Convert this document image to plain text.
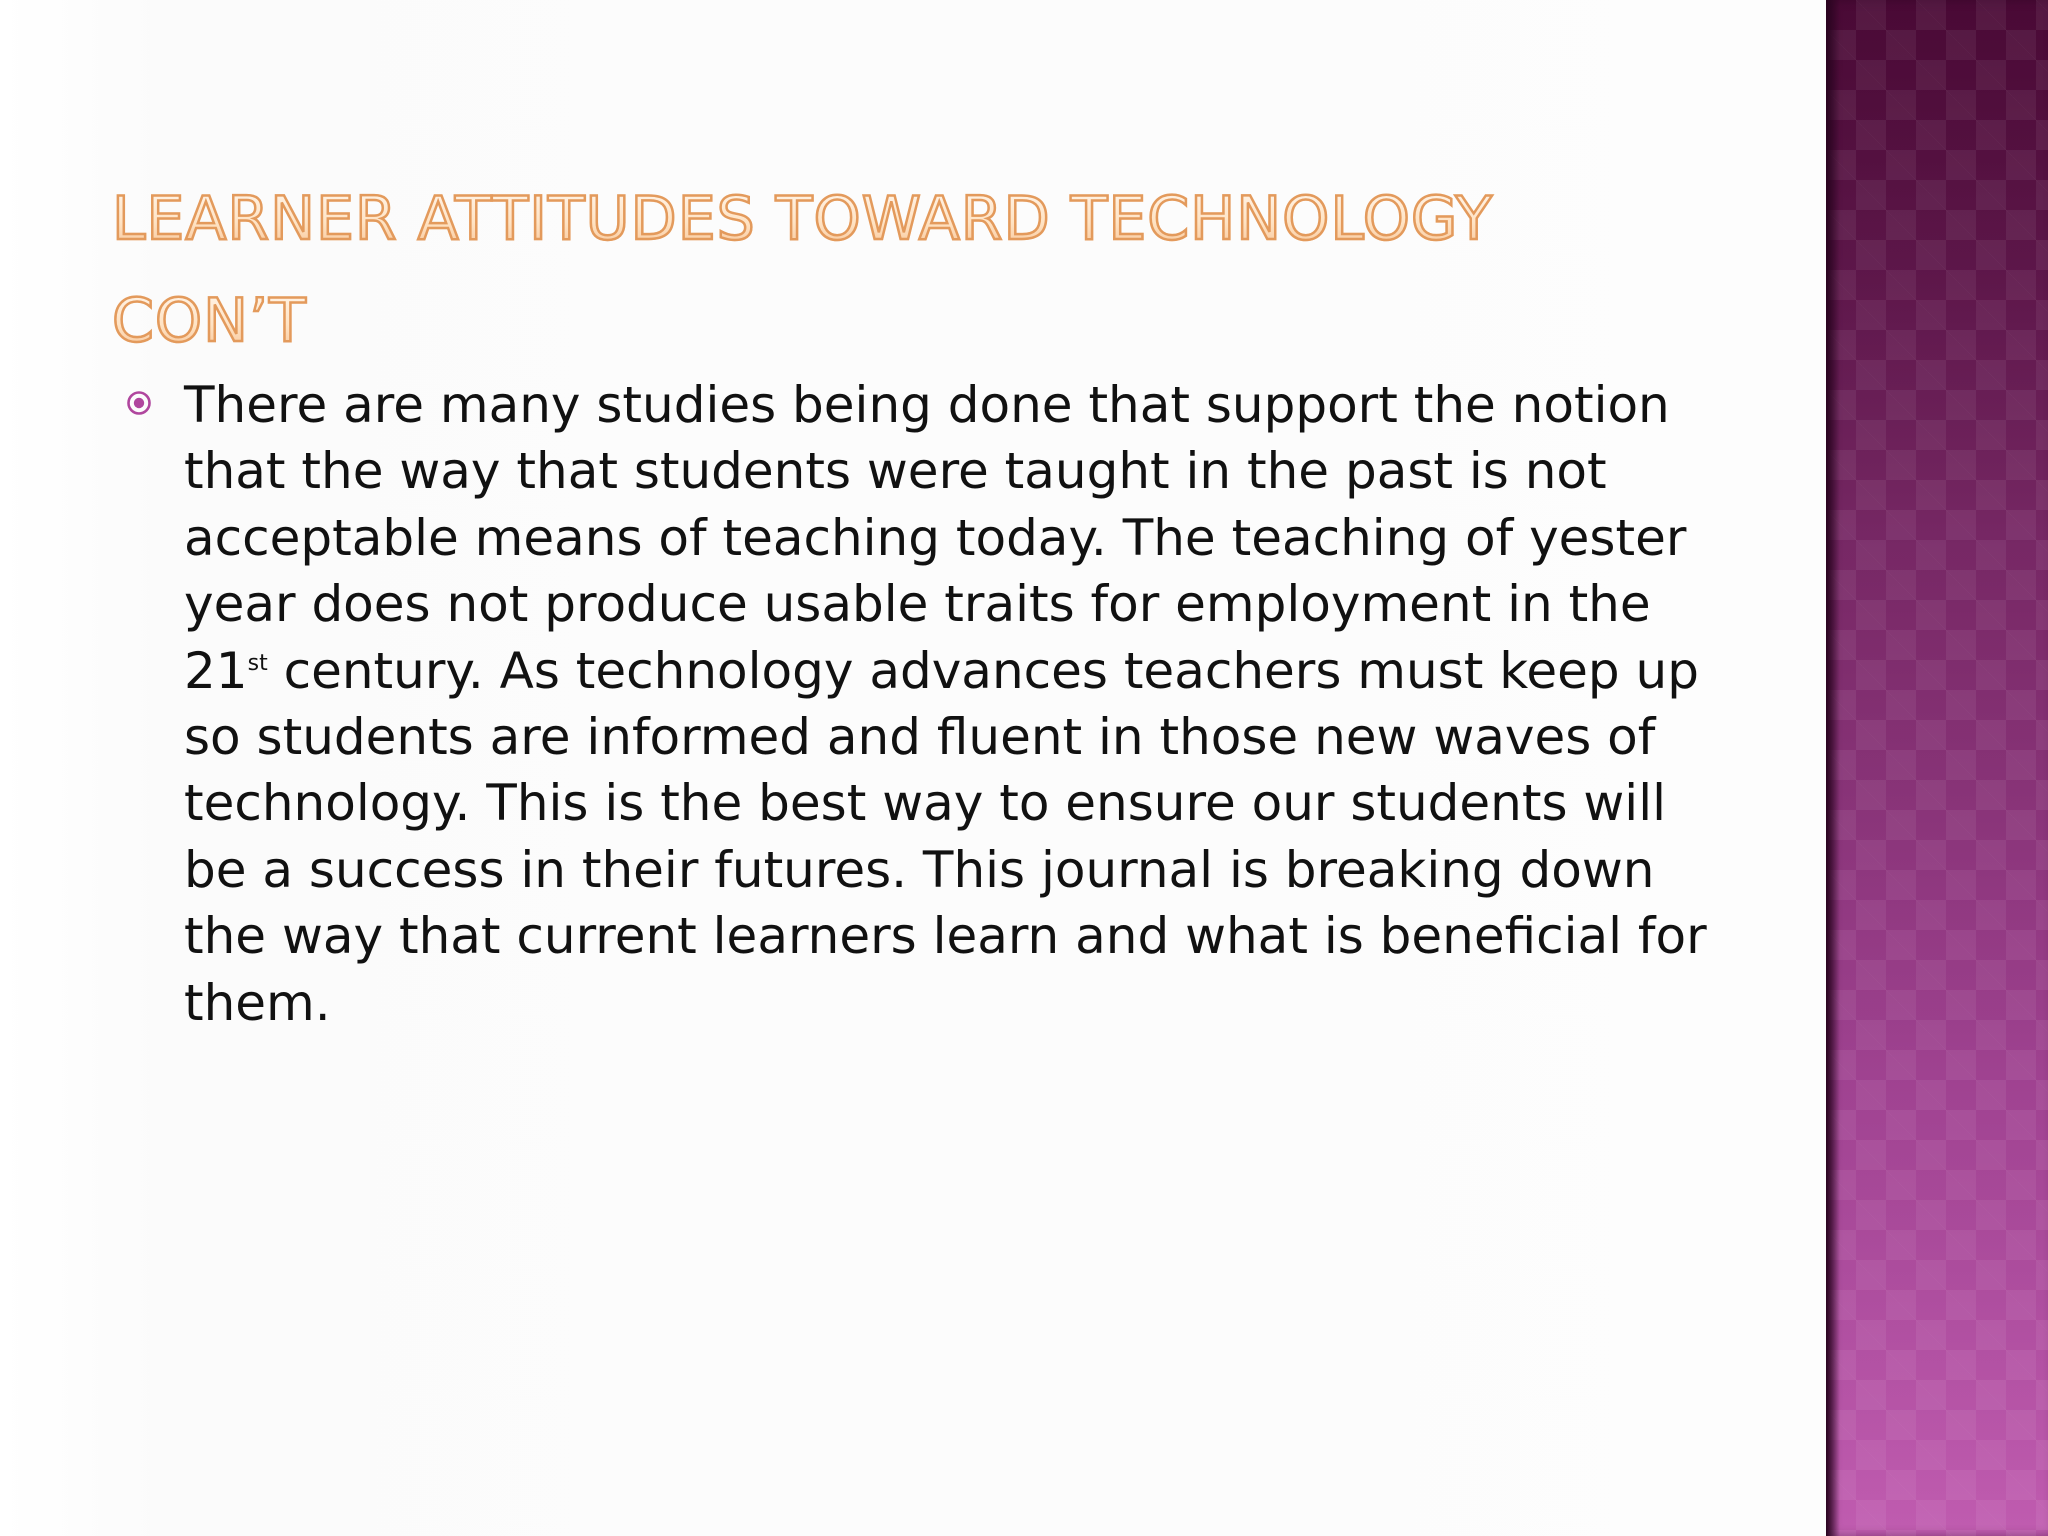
LEARNER ATTITUDES TOWARD TECHNOLOGY CON’T

There are many studies being done that support the notion that the way that students were taught in the past is not acceptable means of teaching today. The teaching of yester year does not produce usable traits for employment in the 21st century. As technology advances teachers must keep up so students are informed and fluent in those new waves of technology. This is the best way to ensure our students will be a success in their futures. This journal is breaking down the way that current learners learn and what is beneficial for them.
